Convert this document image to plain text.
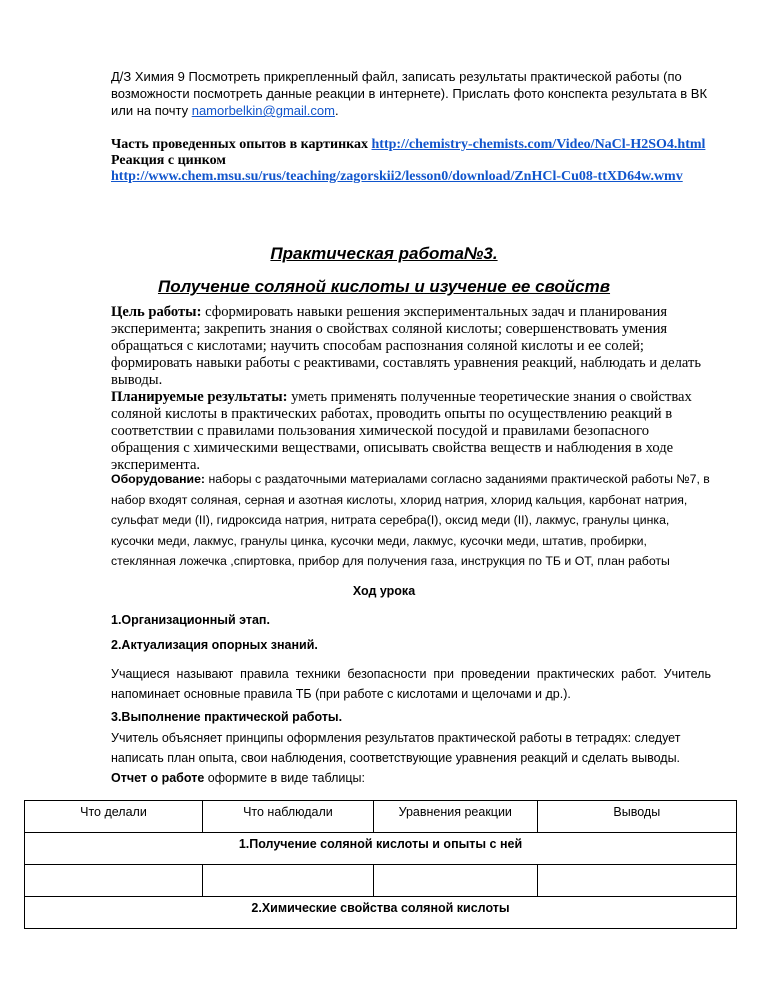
Д/З Химия 9 Посмотреть прикрепленный файл, записать результаты практической работы (по возможности посмотреть данные реакции в интернете). Прислать фото конспекта результата в ВК или на почту namorbelkin@gmail.com.
Часть проведенных опытов в картинках http://chemistry-chemists.com/Video/NaCl-H2SO4.html
Реакция с цинком
http://www.chem.msu.su/rus/teaching/zagorskii2/lesson0/download/ZnHCl-Cu08-ttXD64w.wmv
Практическая работа№3.
Получение соляной кислоты и изучение ее свойств
Цель работы: сформировать навыки решения экспериментальных задач и планирования эксперимента; закрепить знания о свойствах соляной кислоты; совершенствовать умения обращаться с кислотами; научить способам распознания соляной кислоты и ее солей; формировать навыки работы с реактивами, составлять уравнения реакций, наблюдать и делать выводы.
Планируемые результаты: уметь применять полученные теоретические знания о свойствах соляной кислоты в практических работах, проводить опыты по осуществлению реакций в соответствии с правилами пользования химической посудой и правилами безопасного обращения с химическими веществами, описывать свойства веществ и наблюдения в ходе эксперимента.
Оборудование: наборы с раздаточными материалами согласно заданиями практической работы №7, в набор входят соляная, серная и азотная кислоты, хлорид натрия, хлорид кальция, карбонат натрия, сульфат меди (II), гидроксида натрия, нитрата серебра(I), оксид меди (II), лакмус, гранулы цинка, кусочки меди, лакмус, гранулы цинка, кусочки меди, лакмус, кусочки меди, штатив, пробирки, стеклянная ложечка ,спиртовка, прибор для получения газа, инструкция по ТБ и ОТ, план работы
Ход урока
1.Организационный этап.
2.Актуализация опорных знаний.
Учащиеся называют правила техники безопасности при проведении практических работ. Учитель напоминает основные правила ТБ (при работе с кислотами и щелочами и др.).
3.Выполнение практической работы.
Учитель объясняет принципы оформления результатов практической работы в тетрадях: следует написать план опыта, свои наблюдения, соответствующие уравнения реакций и сделать выводы. Отчет о работе оформите в виде таблицы:
Что делали	Что наблюдали	Уравнения реакции	Выводы
1.Получение соляной кислоты и опыты с ней			

2.Химические свойства соляной кислоты			
